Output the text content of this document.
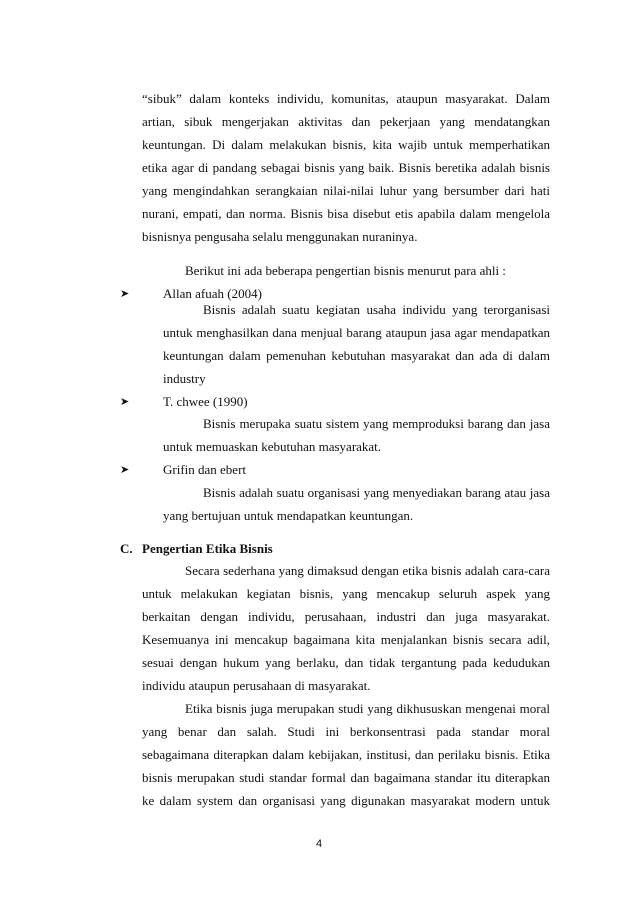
“sibuk” dalam konteks individu, komunitas, ataupun masyarakat. Dalam
artian, sibuk mengerjakan aktivitas dan pekerjaan yang mendatangkan
keuntungan. Di dalam melakukan bisnis, kita wajib untuk memperhatikan
etika agar di pandang sebagai bisnis yang baik. Bisnis beretika adalah bisnis
yang mengindahkan serangkaian nilai-nilai luhur yang bersumber dari hati
nurani, empati, dan norma. Bisnis bisa disebut etis apabila dalam mengelola
bisnisnya pengusaha selalu menggunakan nuraninya.
Berikut ini ada beberapa pengertian bisnis menurut para ahli :
➤	Allan afuah (2004)
Bisnis adalah suatu kegiatan usaha individu yang terorganisasi
untuk menghasilkan dana menjual barang ataupun jasa agar mendapatkan
keuntungan dalam pemenuhan kebutuhan masyarakat dan ada di dalam
industry
➤	T. chwee (1990)
Bisnis merupaka suatu sistem yang memproduksi barang dan jasa
untuk memuaskan kebutuhan masyarakat.
➤	Grifin dan ebert
Bisnis adalah suatu organisasi yang menyediakan barang atau jasa
yang bertujuan untuk mendapatkan keuntungan.
C. Pengertian Etika Bisnis
Secara sederhana yang dimaksud dengan etika bisnis adalah cara-cara
untuk melakukan kegiatan bisnis, yang mencakup seluruh aspek yang
berkaitan dengan individu, perusahaan, industri dan juga masyarakat.
Kesemuanya ini mencakup bagaimana kita menjalankan bisnis secara adil,
sesuai dengan hukum yang berlaku, dan tidak tergantung pada kedudukan
individu ataupun perusahaan di masyarakat.
Etika bisnis juga merupakan studi yang dikhususkan mengenai moral
yang benar dan salah. Studi ini berkonsentrasi pada standar moral
sebagaimana diterapkan dalam kebijakan, institusi, dan perilaku bisnis. Etika
bisnis merupakan studi standar formal dan bagaimana standar itu diterapkan
ke dalam system dan organisasi yang digunakan masyarakat modern untuk
4
